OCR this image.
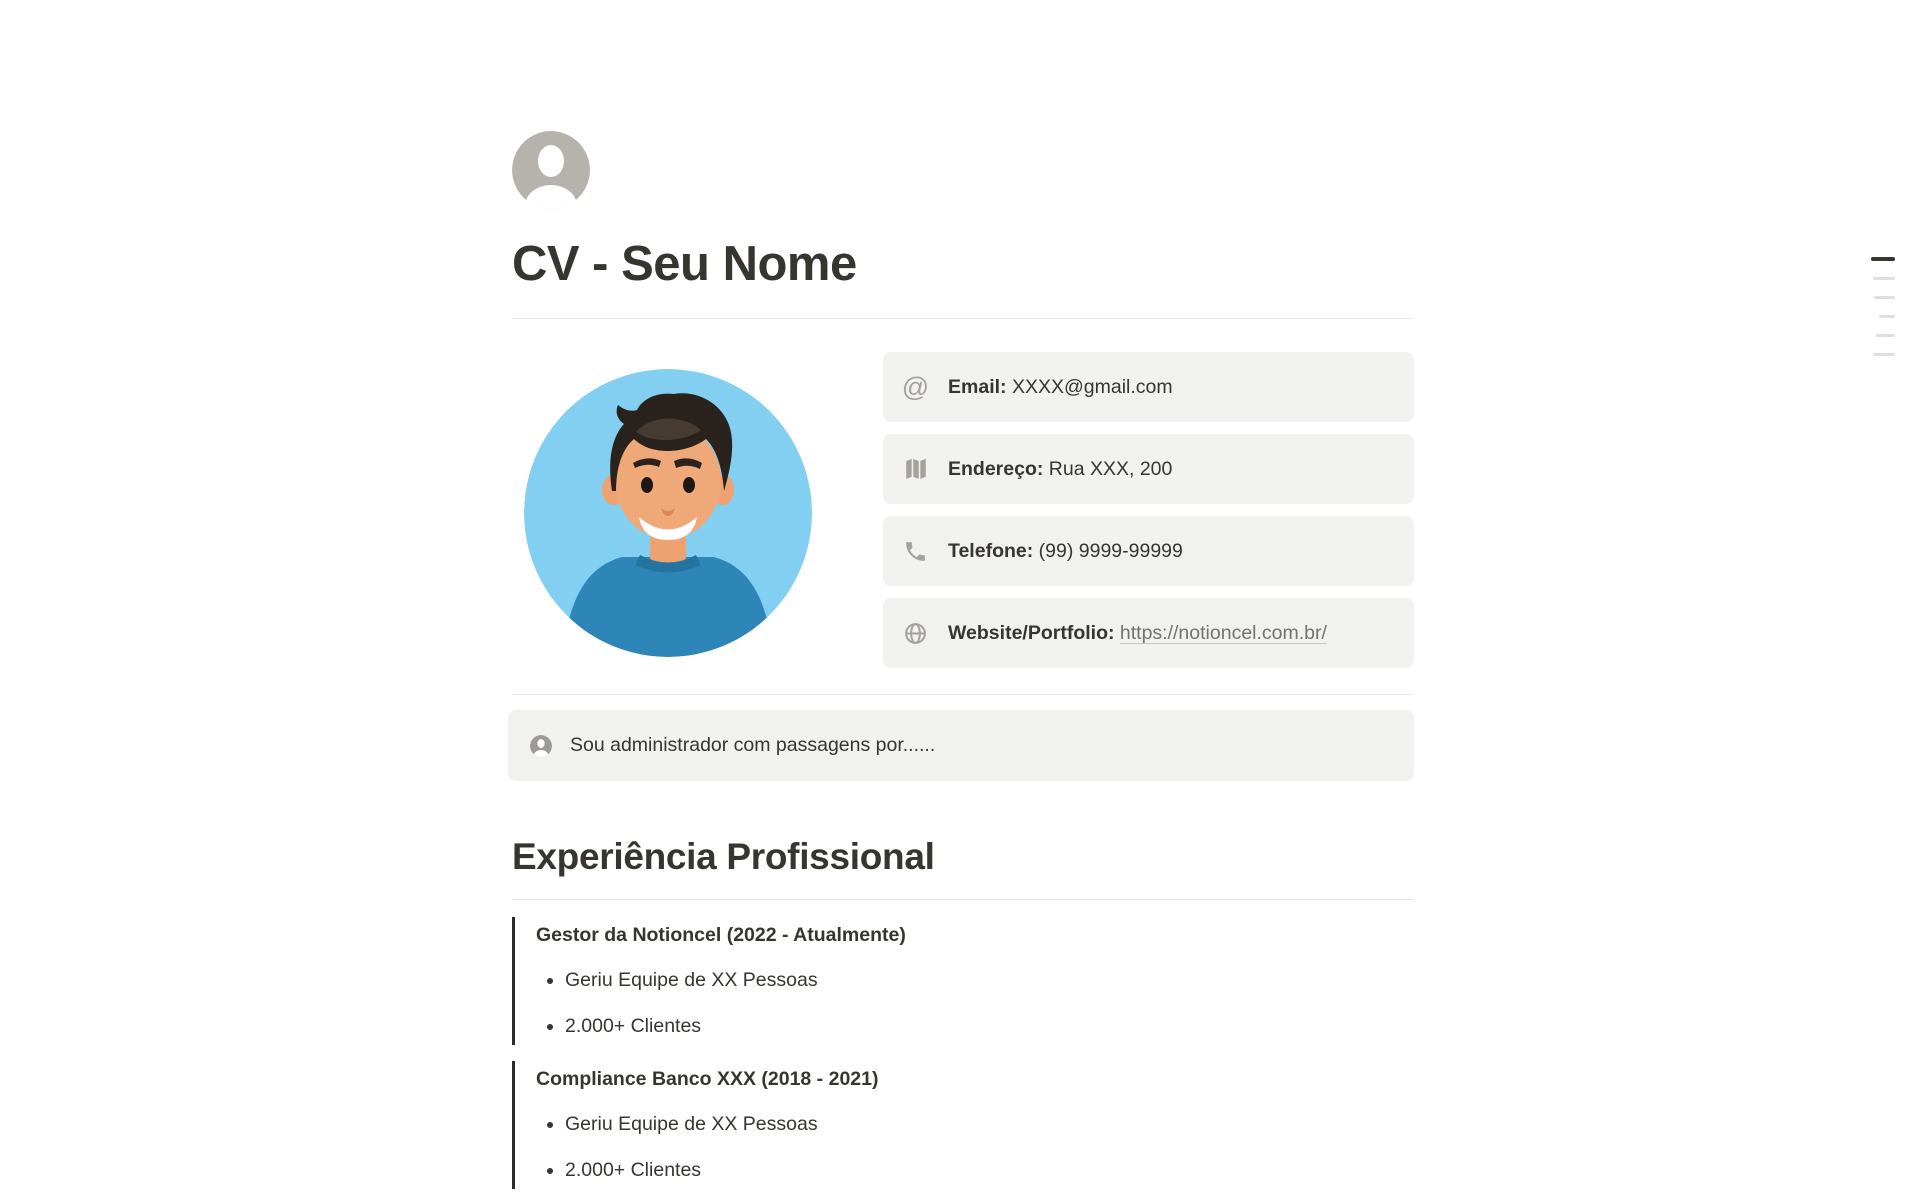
CV - Seu Nome
@ Email: XXXX@gmail.com
Endereço: Rua XXX, 200
Telefone: (99) 9999-99999
Website/Portfolio: https://notioncel.com.br/
Sou administrador com passagens por......
Experiência Profissional
Gestor da Notioncel (2022 - Atualmente)
• Geriu Equipe de XX Pessoas
• 2.000+ Clientes
Compliance Banco XXX (2018 - 2021)
• Geriu Equipe de XX Pessoas
• 2.000+ Clientes
